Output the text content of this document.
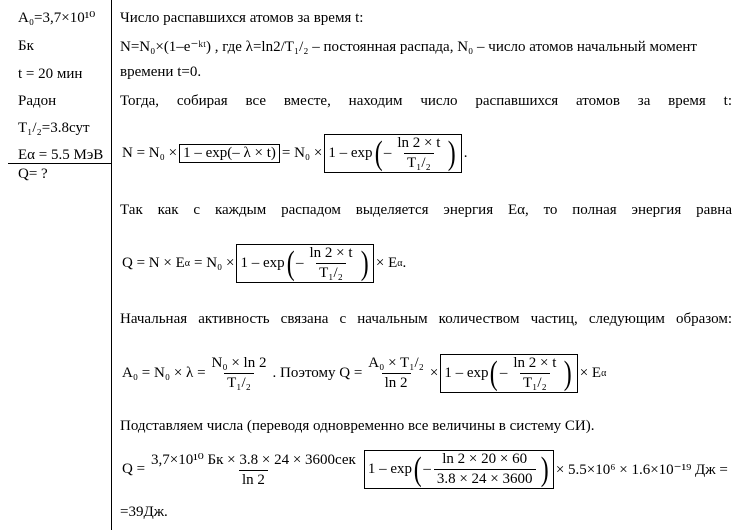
A₀=3,7×10¹⁰
Бк
t = 20 мин
Радон
T₁/₂=3.8сут
Eα = 5.5 МэВ
Q= ?
Число распавшихся атомов за время t:
N=N₀×(1–e⁻ᵏᵗ) , где λ=ln2/T₁/₂ – постоянная распада, N₀ – число атомов начальный момент
времени t=0.
Тогда, собирая все вместе, находим число распавшихся атомов за время t:
N = N₀ × 1 – exp(– λ × t) = N₀ × 1 – exp ( – $\frac{\ln 2 \times t}{\text{T₁/₂}}$ ) .
Так как с каждым распадом выделяется энергия Eα, то полная энергия равна
Q = N × E α = N₀ × 1 – exp ( – $\frac{\ln 2 \times t}{\text{T₁/₂}}$ ) × E α .
Начальная активность связана с начальным количеством частиц, следующим образом:
$A_0 = N_0 \times \lambda = \frac{\text{N₀ × ln 2}}{\text{T₁/₂}}$ . Поэтому $Q = \frac{\text{A₀ × T₁/₂}}{\ln 2} \times 1 - \exp$ ( – $\frac{\ln 2 \times t}{\text{T₁/₂}}$ ) × E α
Подставляем числа (переводя одновременно все величины в систему СИ).
$Q = \frac{\text{3,7×10¹⁰ Бк × 3.8 × 24 × 3600сек}}{\ln 2} 1 - \exp$ ( – $\frac{\ln 2 \times 20 \times 60}{3.8 \times 24 \times 3600}$ ) × 5.5×10⁶ × 1.6×10⁻¹⁹ Дж =
=39Дж.
